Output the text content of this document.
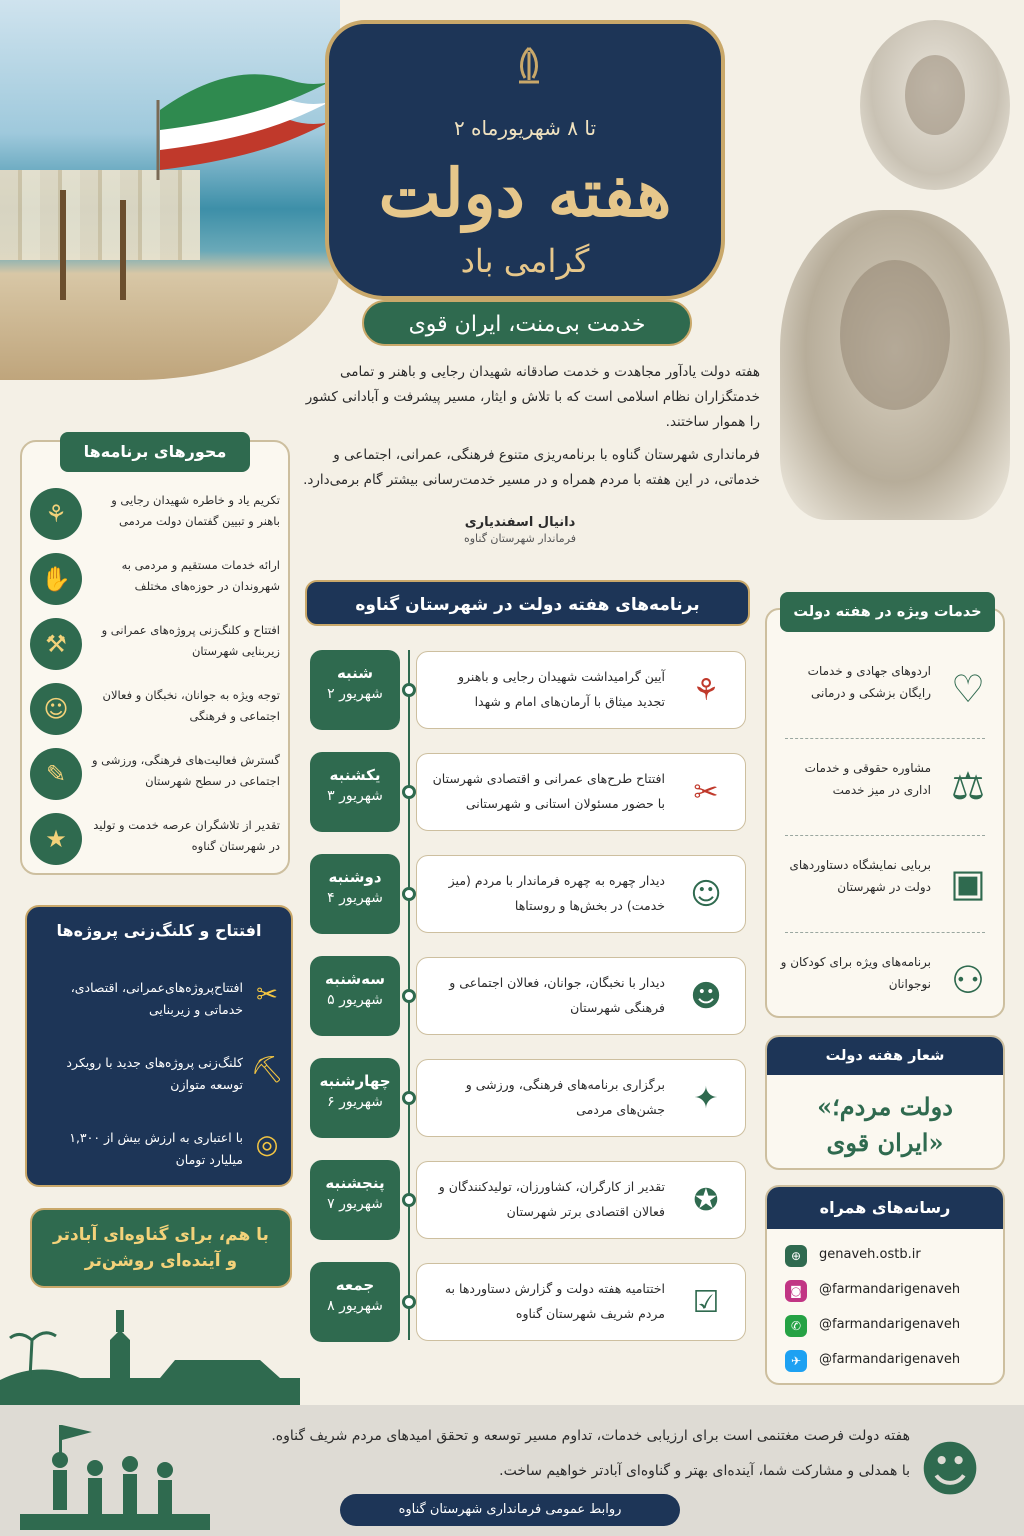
۲ تا ۸ شهریورماه
هفته دولت
گرامی باد
خدمت بی‌منت، ایران قوی

هفته دولت یادآور مجاهدت و خدمت صادقانه شهیدان رجایی و باهنر و تمامی خدمتگزاران نظام اسلامی است که با تلاش و ایثار، مسیر پیشرفت و آبادانی کشور را هموار ساختند.

فرمانداری شهرستان گناوه با برنامه‌ریزی متنوع فرهنگی، عمرانی، اجتماعی و خدماتی، در این هفته با مردم همراه و در مسیر خدمت‌رسانی بیشتر گام برمی‌دارد.

دانیال اسفندیاری
فرماندار شهرستان گناوه
محورهای برنامه‌ها
⚘	تکریم یاد و خاطره شهیدان رجایی و باهنر و تبیین گفتمان دولت مردمی
✋	ارائه خدمات مستقیم و مردمی به شهروندان در حوزه‌های مختلف
⚒	افتتاح و کلنگ‌زنی پروژه‌های عمرانی و زیربنایی شهرستان
☺	توجه ویژه به جوانان، نخبگان و فعالان اجتماعی و فرهنگی
✎	گسترش فعالیت‌های فرهنگی، ورزشی و اجتماعی در سطح شهرستان
★	تقدیر از تلاشگران عرصه خدمت و تولید در شهرستان گناوه
افتتاح و کلنگ‌زنی پروژه‌ها
✂
افتتاح‌پروژه‌های‌عمرانی، اقتصادی، خدماتی و زیربنایی
⛏
کلنگ‌زنی پروژه‌های جدید با رویکرد توسعه متوازن
◎
با اعتباری به ارزش بیش از ۱,۳۰۰ میلیارد تومان
با هم، برای گناوه‌ای آبادتر
و آینده‌ای روشن‌تر
برنامه‌های هفته دولت در شهرستان گناوه
شنبه
۲ شهریور
آیین گرامیداشت شهیدان رجایی و باهنرو تجدید میثاق با آرمان‌های امام و شهدا ⚘
یکشنبه
۳ شهریور
افتتاح طرح‌های عمرانی و اقتصادی شهرستان با حضور مسئولان استانی و شهرستانی ✂
دوشنبه
۴ شهریور
دیدار چهره به چهره فرماندار با مردم (میز خدمت) در بخش‌ها و روستاها ☺
سه‌شنبه
۵ شهریور
دیدار با نخبگان، جوانان، فعالان اجتماعی و فرهنگی شهرستان ☻
چهارشنبه
۶ شهریور
برگزاری برنامه‌های فرهنگی، ورزشی و جشن‌های مردمی ✦
پنجشنبه
۷ شهریور
تقدیر از کارگران، کشاورزان، تولیدکنندگان و فعالان اقتصادی برتر شهرستان ✪
جمعه
۸ شهریور
اختتامیه هفته دولت و گزارش دستاوردها به مردم شریف شهرستان گناوه ☑
خدمات ویژه در هفته دولت
اردوهای جهادی و خدمات رایگان بزشکی و درمانی ♡
مشاوره حقوقی و خدمات اداری در میز خدمت ⚖
بربایی نمایشگاه دستاوردهای دولت در شهرستان ▣
برنامه‌های ویژه برای کودکان و نوجوانان ⚇
شعار هفته دولت
«دولت مردم؛
ایران قوی»
رسانه‌های همراه
⊕	genaveh.ostb.ir
◙	@farmandarigenaveh
✆	@farmandarigenaveh
✈	@farmandarigenaveh
هفته دولت فرصت مغتنمی است برای ارزیابی خدمات، تداوم مسیر توسعه و تحقق امیدهای مردم شریف گناوه.
با همدلی و مشارکت شما، آینده‌ای بهتر و گناوه‌ای آبادتر خواهیم ساخت.
روابط عمومی فرمانداری شهرستان گناوه
☻
